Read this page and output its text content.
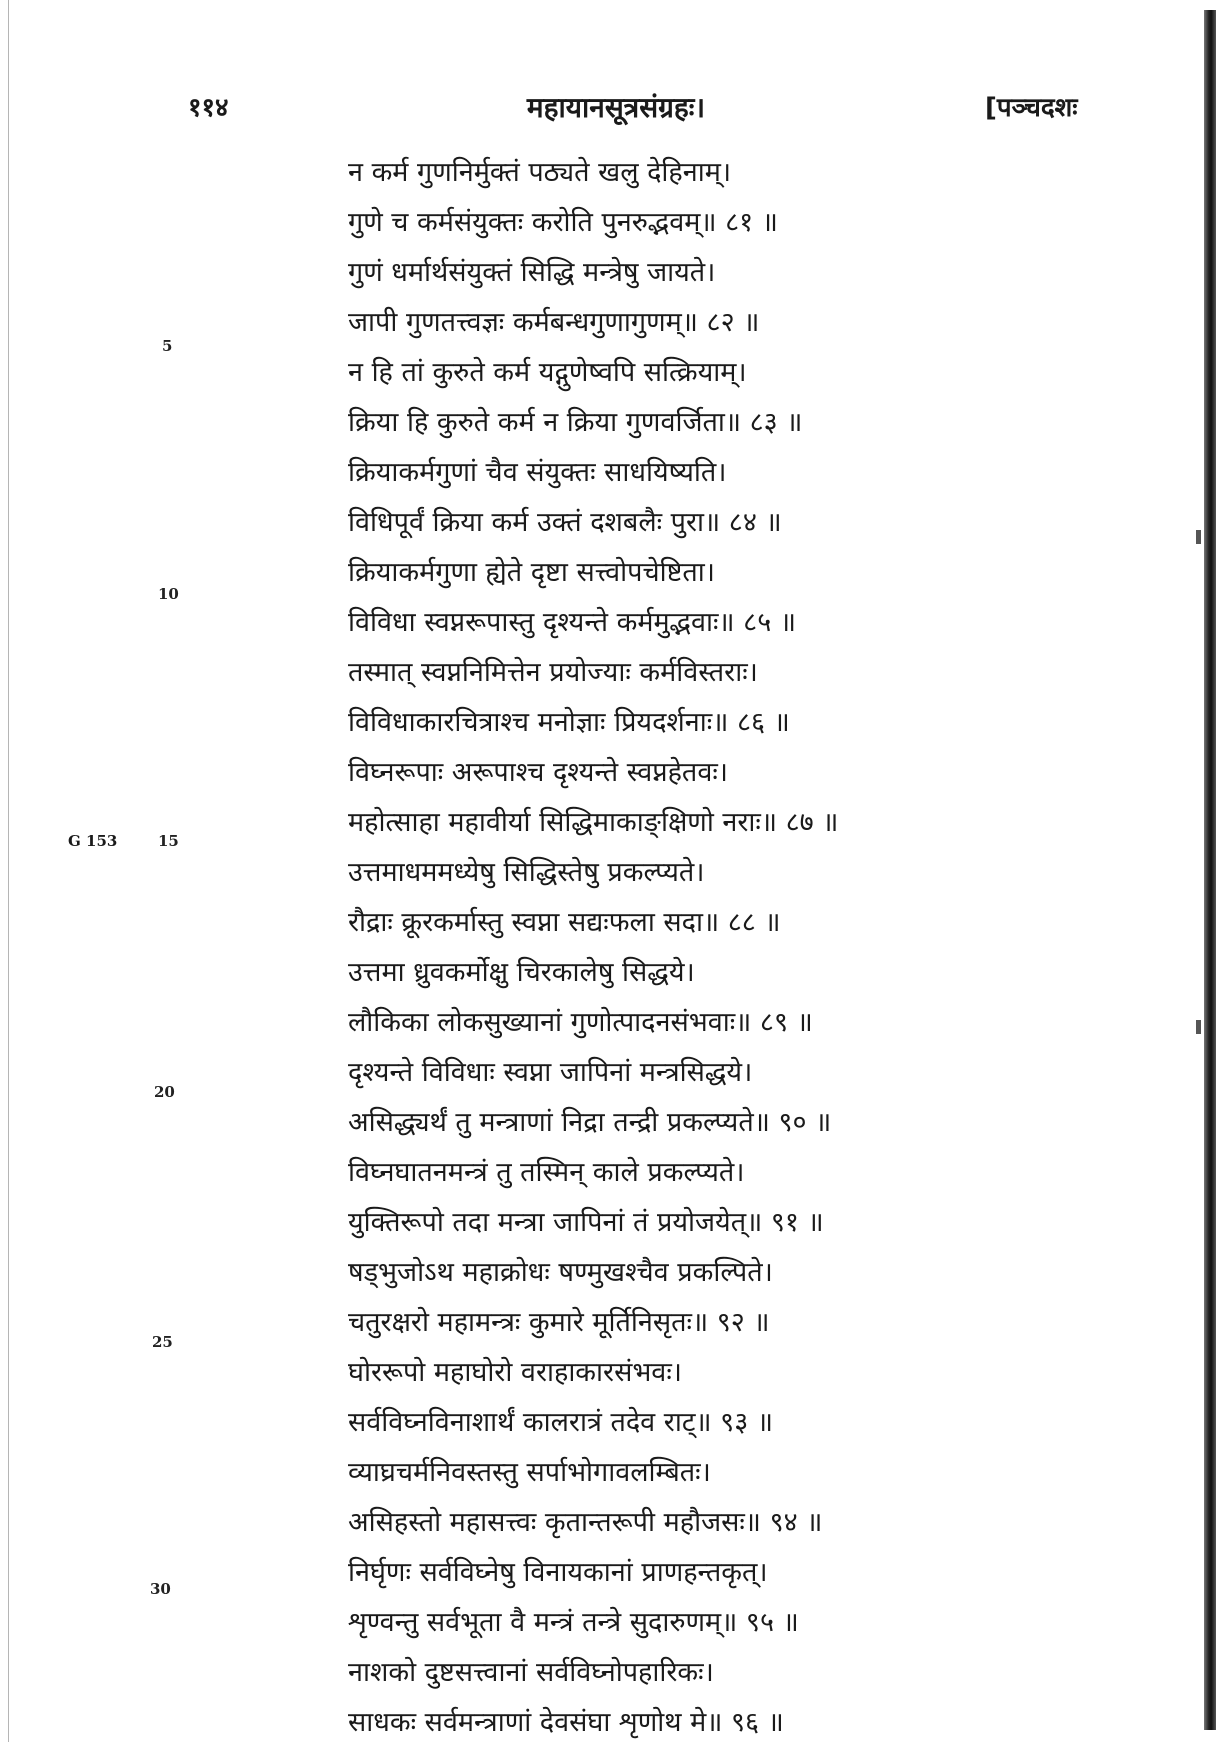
११४	महायानसूत्रसंग्रहः।	[पञ्चदशः
5
10
15
20
25
30
G 153
न कर्म गुणनिर्मुक्तं पठ्यते खलु देहिनाम्।
गुणे च कर्मसंयुक्तः करोति पुनरुद्भवम्॥ ८१ ॥
गुणं धर्मार्थसंयुक्तं सिद्धि मन्त्रेषु जायते।
जापी गुणतत्त्वज्ञः कर्मबन्धगुणागुणम्॥ ८२ ॥
न हि तां कुरुते कर्म यद्गुणेष्वपि सत्क्रियाम्।
क्रिया हि कुरुते कर्म न क्रिया गुणवर्जिता॥ ८३ ॥
क्रियाकर्मगुणां चैव संयुक्तः साधयिष्यति।
विधिपूर्वं क्रिया कर्म उक्तं दशबलैः पुरा॥ ८४ ॥
क्रियाकर्मगुणा ह्येते दृष्टा सत्त्वोपचेष्टिता।
विविधा स्वप्नरूपास्तु दृश्यन्ते कर्ममुद्भवाः॥ ८५ ॥
तस्मात् स्वप्ननिमित्तेन प्रयोज्याः कर्मविस्तराः।
विविधाकारचित्राश्च मनोज्ञाः प्रियदर्शनाः॥ ८६ ॥
विघ्नरूपाः अरूपाश्च दृश्यन्ते स्वप्नहेतवः।
महोत्साहा महावीर्या सिद्धिमाकाङ्क्षिणो नराः॥ ८७ ॥
उत्तमाधममध्येषु सिद्धिस्तेषु प्रकल्प्यते।
रौद्राः क्रूरकर्मास्तु स्वप्ना सद्यःफला सदा॥ ८८ ॥
उत्तमा ध्रुवकर्मोक्षु चिरकालेषु सिद्धये।
लौकिका लोकसुख्यानां गुणोत्पादनसंभवाः॥ ८९ ॥
दृश्यन्ते विविधाः स्वप्ना जापिनां मन्त्रसिद्धये।
असिद्ध्यर्थं तु मन्त्राणां निद्रा तन्द्री प्रकल्प्यते॥ ९० ॥
विघ्नघातनमन्त्रं तु तस्मिन् काले प्रकल्प्यते।
युक्तिरूपो तदा मन्त्रा जापिनां तं प्रयोजयेत्॥ ९१ ॥
षड्भुजोऽथ महाक्रोधः षण्मुखश्चैव प्रकल्पिते।
चतुरक्षरो महामन्त्रः कुमारे मूर्तिनिसृतः॥ ९२ ॥
घोररूपो महाघोरो वराहाकारसंभवः।
सर्वविघ्नविनाशार्थं कालरात्रं तदेव राट्॥ ९३ ॥
व्याघ्रचर्मनिवस्तस्तु सर्पाभोगावलम्बितः।
असिहस्तो महासत्त्वः कृतान्तरूपी महौजसः॥ ९४ ॥
निर्घृणः सर्वविघ्नेषु विनायकानां प्राणहन्तकृत्।
शृण्वन्तु सर्वभूता वै मन्त्रं तन्त्रे सुदारुणम्॥ ९५ ॥
नाशको दुष्टसत्त्वानां सर्वविघ्नोपहारिकः।
साधकः सर्वमन्त्राणां देवसंघा शृणोथ मे॥ ९६ ॥
